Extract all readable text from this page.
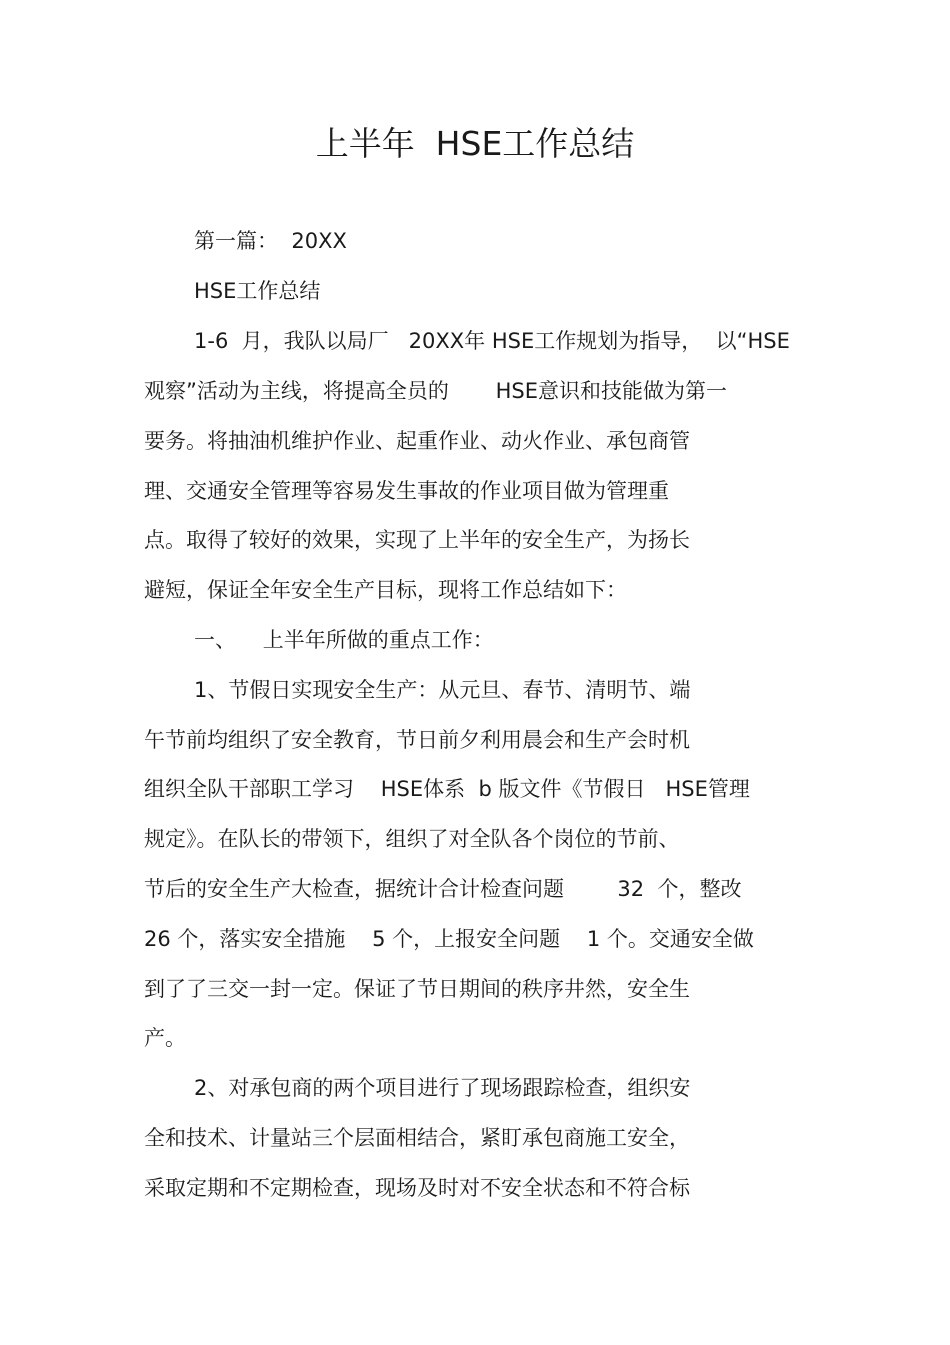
上半年  HSE工作总结
第一篇：  20XX
HSE工作总结
1-6  月，我队以局厂   20XX年 HSE工作规划为指导，  以“HSE
观察”活动为主线，将提高全员的       HSE意识和技能做为第一
要务。将抽油机维护作业、起重作业、动火作业、承包商管
理、交通安全管理等容易发生事故的作业项目做为管理重
点。取得了较好的效果，实现了上半年的安全生产，为扬长
避短，保证全年安全生产目标，现将工作总结如下：
一、    上半年所做的重点工作：
1、节假日实现安全生产：从元旦、春节、清明节、端
午节前均组织了安全教育，节日前夕利用晨会和生产会时机
组织全队干部职工学习    HSE体系  b 版文件《节假日   HSE管理
规定》。在队长的带领下，组织了对全队各个岗位的节前、
节后的安全生产大检查，据统计合计检查问题        32  个，整改
26 个，落实安全措施    5 个，上报安全问题    1 个。交通安全做
到了了三交一封一定。保证了节日期间的秩序井然，安全生
产。
2、对承包商的两个项目进行了现场跟踪检查，组织安
全和技术、计量站三个层面相结合，紧盯承包商施工安全，
采取定期和不定期检查，现场及时对不安全状态和不符合标
